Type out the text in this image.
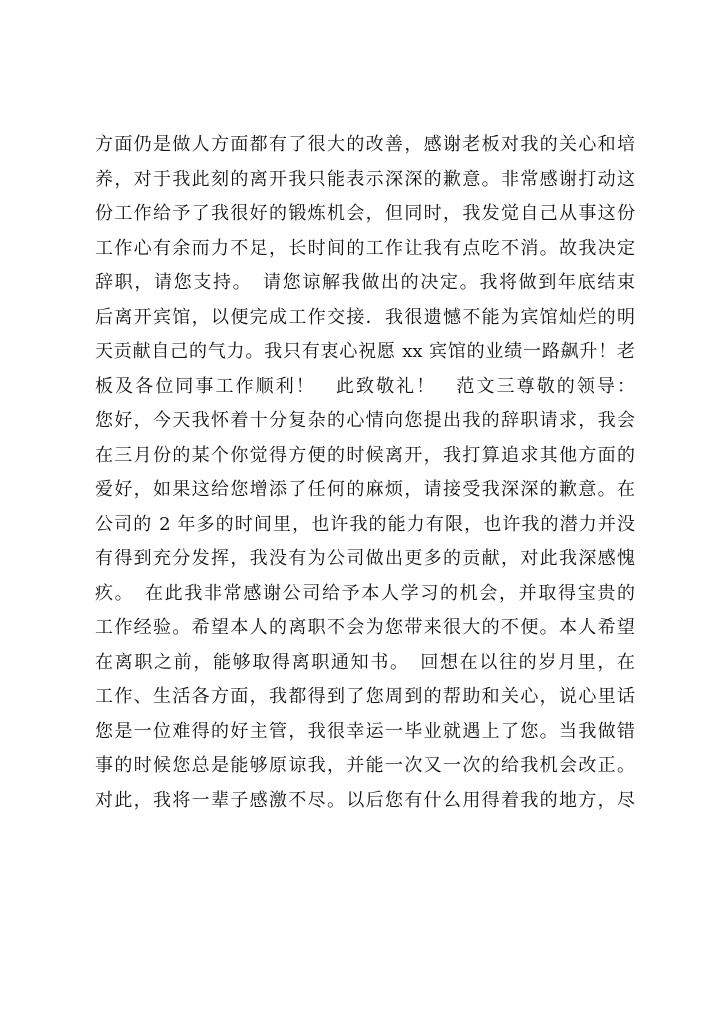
方面仍是做人方面都有了很大的改善，感谢老板对我的关心和培
养，对于我此刻的离开我只能表示深深的歉意。非常感谢打动这
份工作给予了我很好的锻炼机会，但同时，我发觉自己从事这份
工作心有余而力不足，长时间的工作让我有点吃不消。故我决定
辞职，请您支持。　请您谅解我做出的决定。我将做到年底结束
后离开宾馆，以便完成工作交接．我很遗憾不能为宾馆灿烂的明
天贡献自己的气力。我只有衷心祝愿 xx 宾馆的业绩一路飙升！老
板及各位同事工作顺利！　此致敬礼！　范文三尊敬的领导：
您好，今天我怀着十分复杂的心情向您提出我的辞职请求，我会
在三月份的某个你觉得方便的时候离开，我打算追求其他方面的
爱好，如果这给您增添了任何的麻烦，请接受我深深的歉意。在
公司的 2 年多的时间里，也许我的能力有限，也许我的潜力并没
有得到充分发挥，我没有为公司做出更多的贡献，对此我深感愧
疚。　在此我非常感谢公司给予本人学习的机会，并取得宝贵的
工作经验。希望本人的离职不会为您带来很大的不便。本人希望
在离职之前，能够取得离职通知书。　回想在以往的岁月里，在
工作、生活各方面，我都得到了您周到的帮助和关心，说心里话
您是一位难得的好主管，我很幸运一毕业就遇上了您。当我做错
事的时候您总是能够原谅我，并能一次又一次的给我机会改正。
对此，我将一辈子感激不尽。以后您有什么用得着我的地方，尽
